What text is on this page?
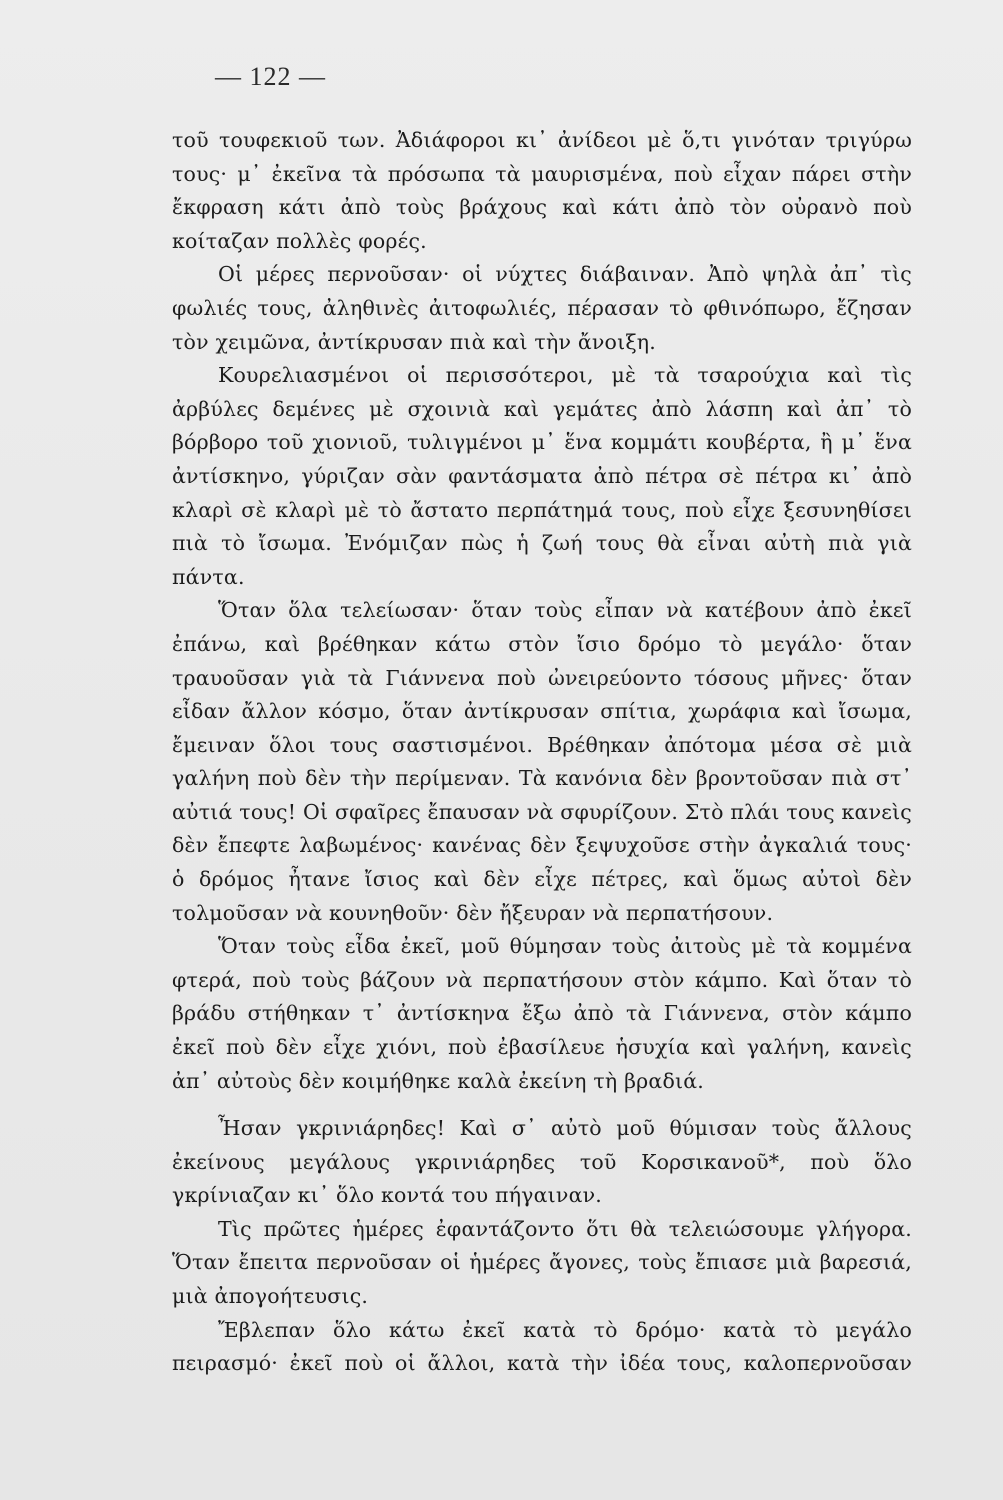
— 122 —

τοῦ τουφεκιοῦ των. Ἀδιάφοροι κι᾽ ἀνίδεοι μὲ ὅ,τι γινόταν τριγύρω τους· μ᾽ ἐκεῖνα τὰ πρόσωπα τὰ μαυρισμένα, ποὺ εἶχαν πάρει στὴν ἔκφραση κάτι ἀπὸ τοὺς βράχους καὶ κάτι ἀπὸ τὸν οὐρανὸ ποὺ κοίταζαν πολλὲς φορές.

Οἱ μέρες περνοῦσαν· οἱ νύχτες διάβαιναν. Ἀπὸ ψηλὰ ἀπ᾽ τὶς φωλιές τους, ἀληθινὲς ἀιτοφωλιές, πέρασαν τὸ φθινόπωρο, ἔζησαν τὸν χειμῶνα, ἀντίκρυσαν πιὰ καὶ τὴν ἄνοιξη.

Κουρελιασμένοι οἱ περισσότεροι, μὲ τὰ τσαρούχια καὶ τὶς ἀρβύλες δεμένες μὲ σχοινιὰ καὶ γεμάτες ἀπὸ λάσπη καὶ ἀπ᾽ τὸ βόρβορο τοῦ χιονιοῦ, τυλιγμένοι μ᾽ ἕνα κομμάτι κουβέρτα, ἢ μ᾽ ἕνα ἀντίσκηνο, γύριζαν σὰν φαντάσματα ἀπὸ πέτρα σὲ πέτρα κι᾽ ἀπὸ κλαρὶ σὲ κλαρὶ μὲ τὸ ἄστατο περπάτημά τους, ποὺ εἶχε ξεσυνηθίσει πιὰ τὸ ἴσωμα. Ἐνόμιζαν πὼς ἡ ζωή τους θὰ εἶναι αὐτὴ πιὰ γιὰ πάντα.

Ὅταν ὅλα τελείωσαν· ὅταν τοὺς εἶπαν νὰ κατέβουν ἀπὸ ἐκεῖ ἐπάνω, καὶ βρέθηκαν κάτω στὸν ἴσιο δρόμο τὸ μεγάλο· ὅταν τραυοῦσαν γιὰ τὰ Γιάννενα ποὺ ὠνειρεύοντο τόσους μῆνες· ὅταν εἶδαν ἄλλον κόσμο, ὅταν ἀντίκρυσαν σπίτια, χωράφια καὶ ἴσωμα, ἔμειναν ὅλοι τους σαστισμένοι. Βρέθηκαν ἀπότομα μέσα σὲ μιὰ γαλήνη ποὺ δὲν τὴν περίμεναν. Τὰ κανόνια δὲν βροντοῦσαν πιὰ στ᾽ αὐτιά τους! Οἱ σφαῖρες ἔπαυσαν νὰ σφυρίζουν. Στὸ πλάι τους κανεὶς δὲν ἔπεφτε λαβωμένος· κανένας δὲν ξεψυχοῦσε στὴν ἀγκαλιά τους· ὁ δρόμος ἦτανε ἴσιος καὶ δὲν εἶχε πέτρες, καὶ ὅμως αὐτοὶ δὲν τολμοῦσαν νὰ κουνηθοῦν· δὲν ἤξευραν νὰ περπατήσουν.

Ὅταν τοὺς εἶδα ἐκεῖ, μοῦ θύμησαν τοὺς ἀιτοὺς μὲ τὰ κομμένα φτερά, ποὺ τοὺς βάζουν νὰ περπατήσουν στὸν κάμπο. Καὶ ὅταν τὸ βράδυ στήθηκαν τ᾽ ἀντίσκηνα ἔξω ἀπὸ τὰ Γιάννενα, στὸν κάμπο ἐκεῖ ποὺ δὲν εἶχε χιόνι, ποὺ ἐβασίλευε ἡσυχία καὶ γαλήνη, κανεὶς ἀπ᾽ αὐτοὺς δὲν κοιμήθηκε καλὰ ἐκείνη τὴ βραδιά.

Ἦσαν γκρινιάρηδες! Καὶ σ᾽ αὐτὸ μοῦ θύμισαν τοὺς ἄλλους ἐκείνους μεγάλους γκρινιάρηδες τοῦ Κορσικανοῦ*, ποὺ ὅλο γκρίνιαζαν κι᾽ ὅλο κοντά του πήγαιναν.

Τὶς πρῶτες ἡμέρες ἐφαντάζοντο ὅτι θὰ τελειώσουμε γλήγορα. Ὅταν ἔπειτα περνοῦσαν οἱ ἡμέρες ἄγονες, τοὺς ἔπιασε μιὰ βαρεσιά, μιὰ ἀπογοήτευσις.

Ἔβλεπαν ὅλο κάτω ἐκεῖ κατὰ τὸ δρόμο· κατὰ τὸ μεγάλο πειρασμό· ἐκεῖ ποὺ οἱ ἄλλοι, κατὰ τὴν ἰδέα τους, καλοπερνοῦσαν
